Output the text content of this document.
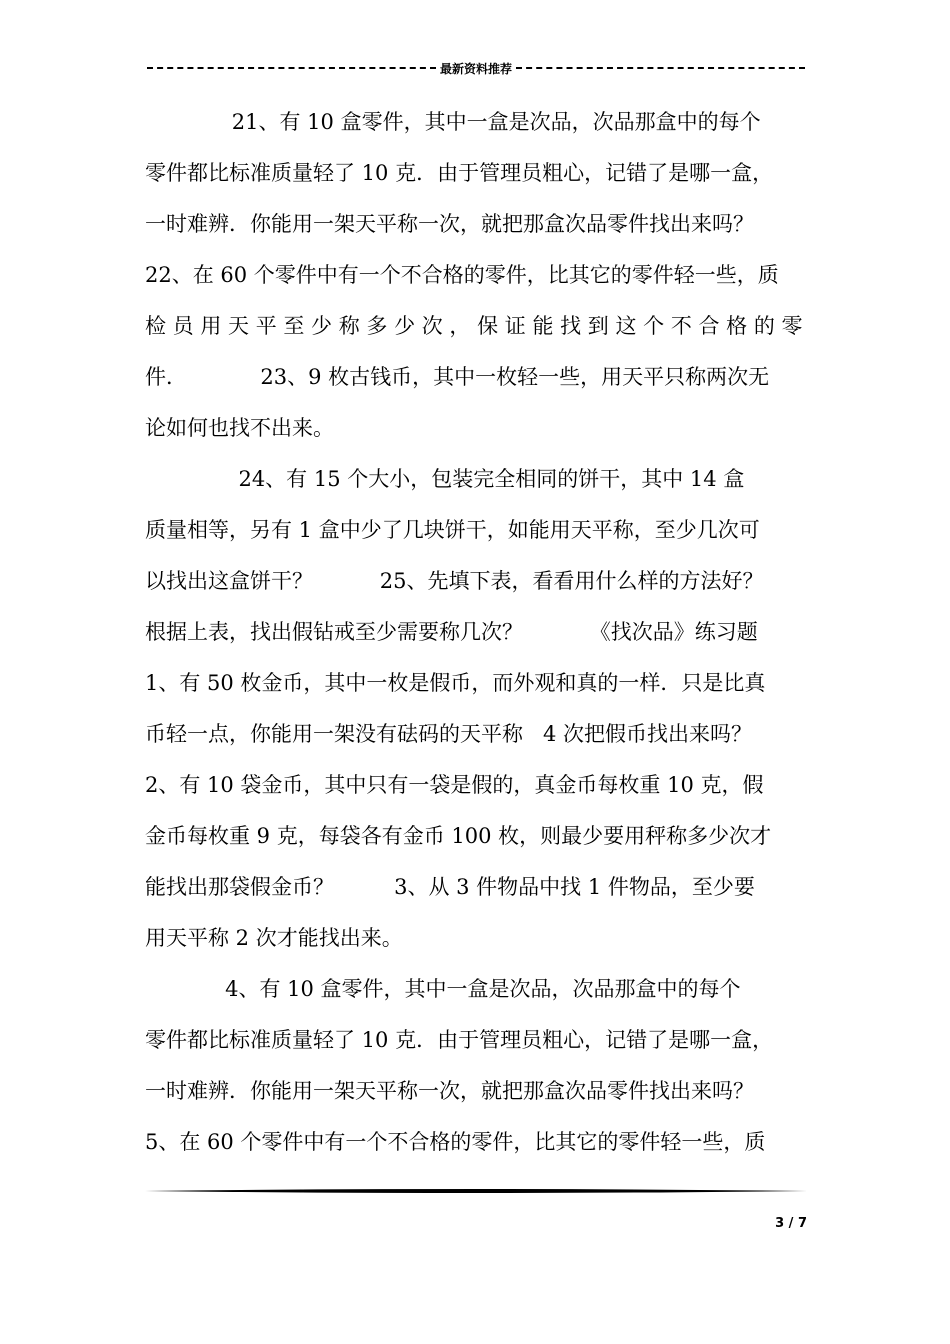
最新资料推荐
21、有 10 盒零件，其中一盒是次品，次品那盒中的每个
零件都比标准质量轻了 10 克．由于管理员粗心，记错了是哪一盒，
一时难辨．你能用一架天平称一次，就把那盒次品零件找出来吗？
22、在 60 个零件中有一个不合格的零件，比其它的零件轻一些，质
检 员 用 天 平 至 少 称 多 少 次 ， 保 证 能 找 到 这 个 不 合 格 的 零
件．           23、9 枚古钱币，其中一枚轻一些，用天平只称两次无
论如何也找不出来。
24、有 15 个大小，包装完全相同的饼干，其中 14 盒
质量相等，另有 1 盒中少了几块饼干，如能用天平称，至少几次可
以找出这盒饼干？          25、先填下表，看看用什么样的方法好？
根据上表，找出假钻戒至少需要称几次？          《找次品》练习题
1、有 50 枚金币，其中一枚是假币，而外观和真的一样．只是比真
币轻一点，你能用一架没有砝码的天平称   4 次把假币找出来吗？
2、有 10 袋金币，其中只有一袋是假的，真金币每枚重 10 克，假
金币每枚重 9 克，每袋各有金币 100 枚，则最少要用秤称多少次才
能找出那袋假金币？         3、从 3 件物品中找 1 件物品，至少要
用天平称 2 次才能找出来。
4、有 10 盒零件，其中一盒是次品，次品那盒中的每个
零件都比标准质量轻了 10 克．由于管理员粗心，记错了是哪一盒，
一时难辨．你能用一架天平称一次，就把那盒次品零件找出来吗？
5、在 60 个零件中有一个不合格的零件，比其它的零件轻一些，质
3 / 7
